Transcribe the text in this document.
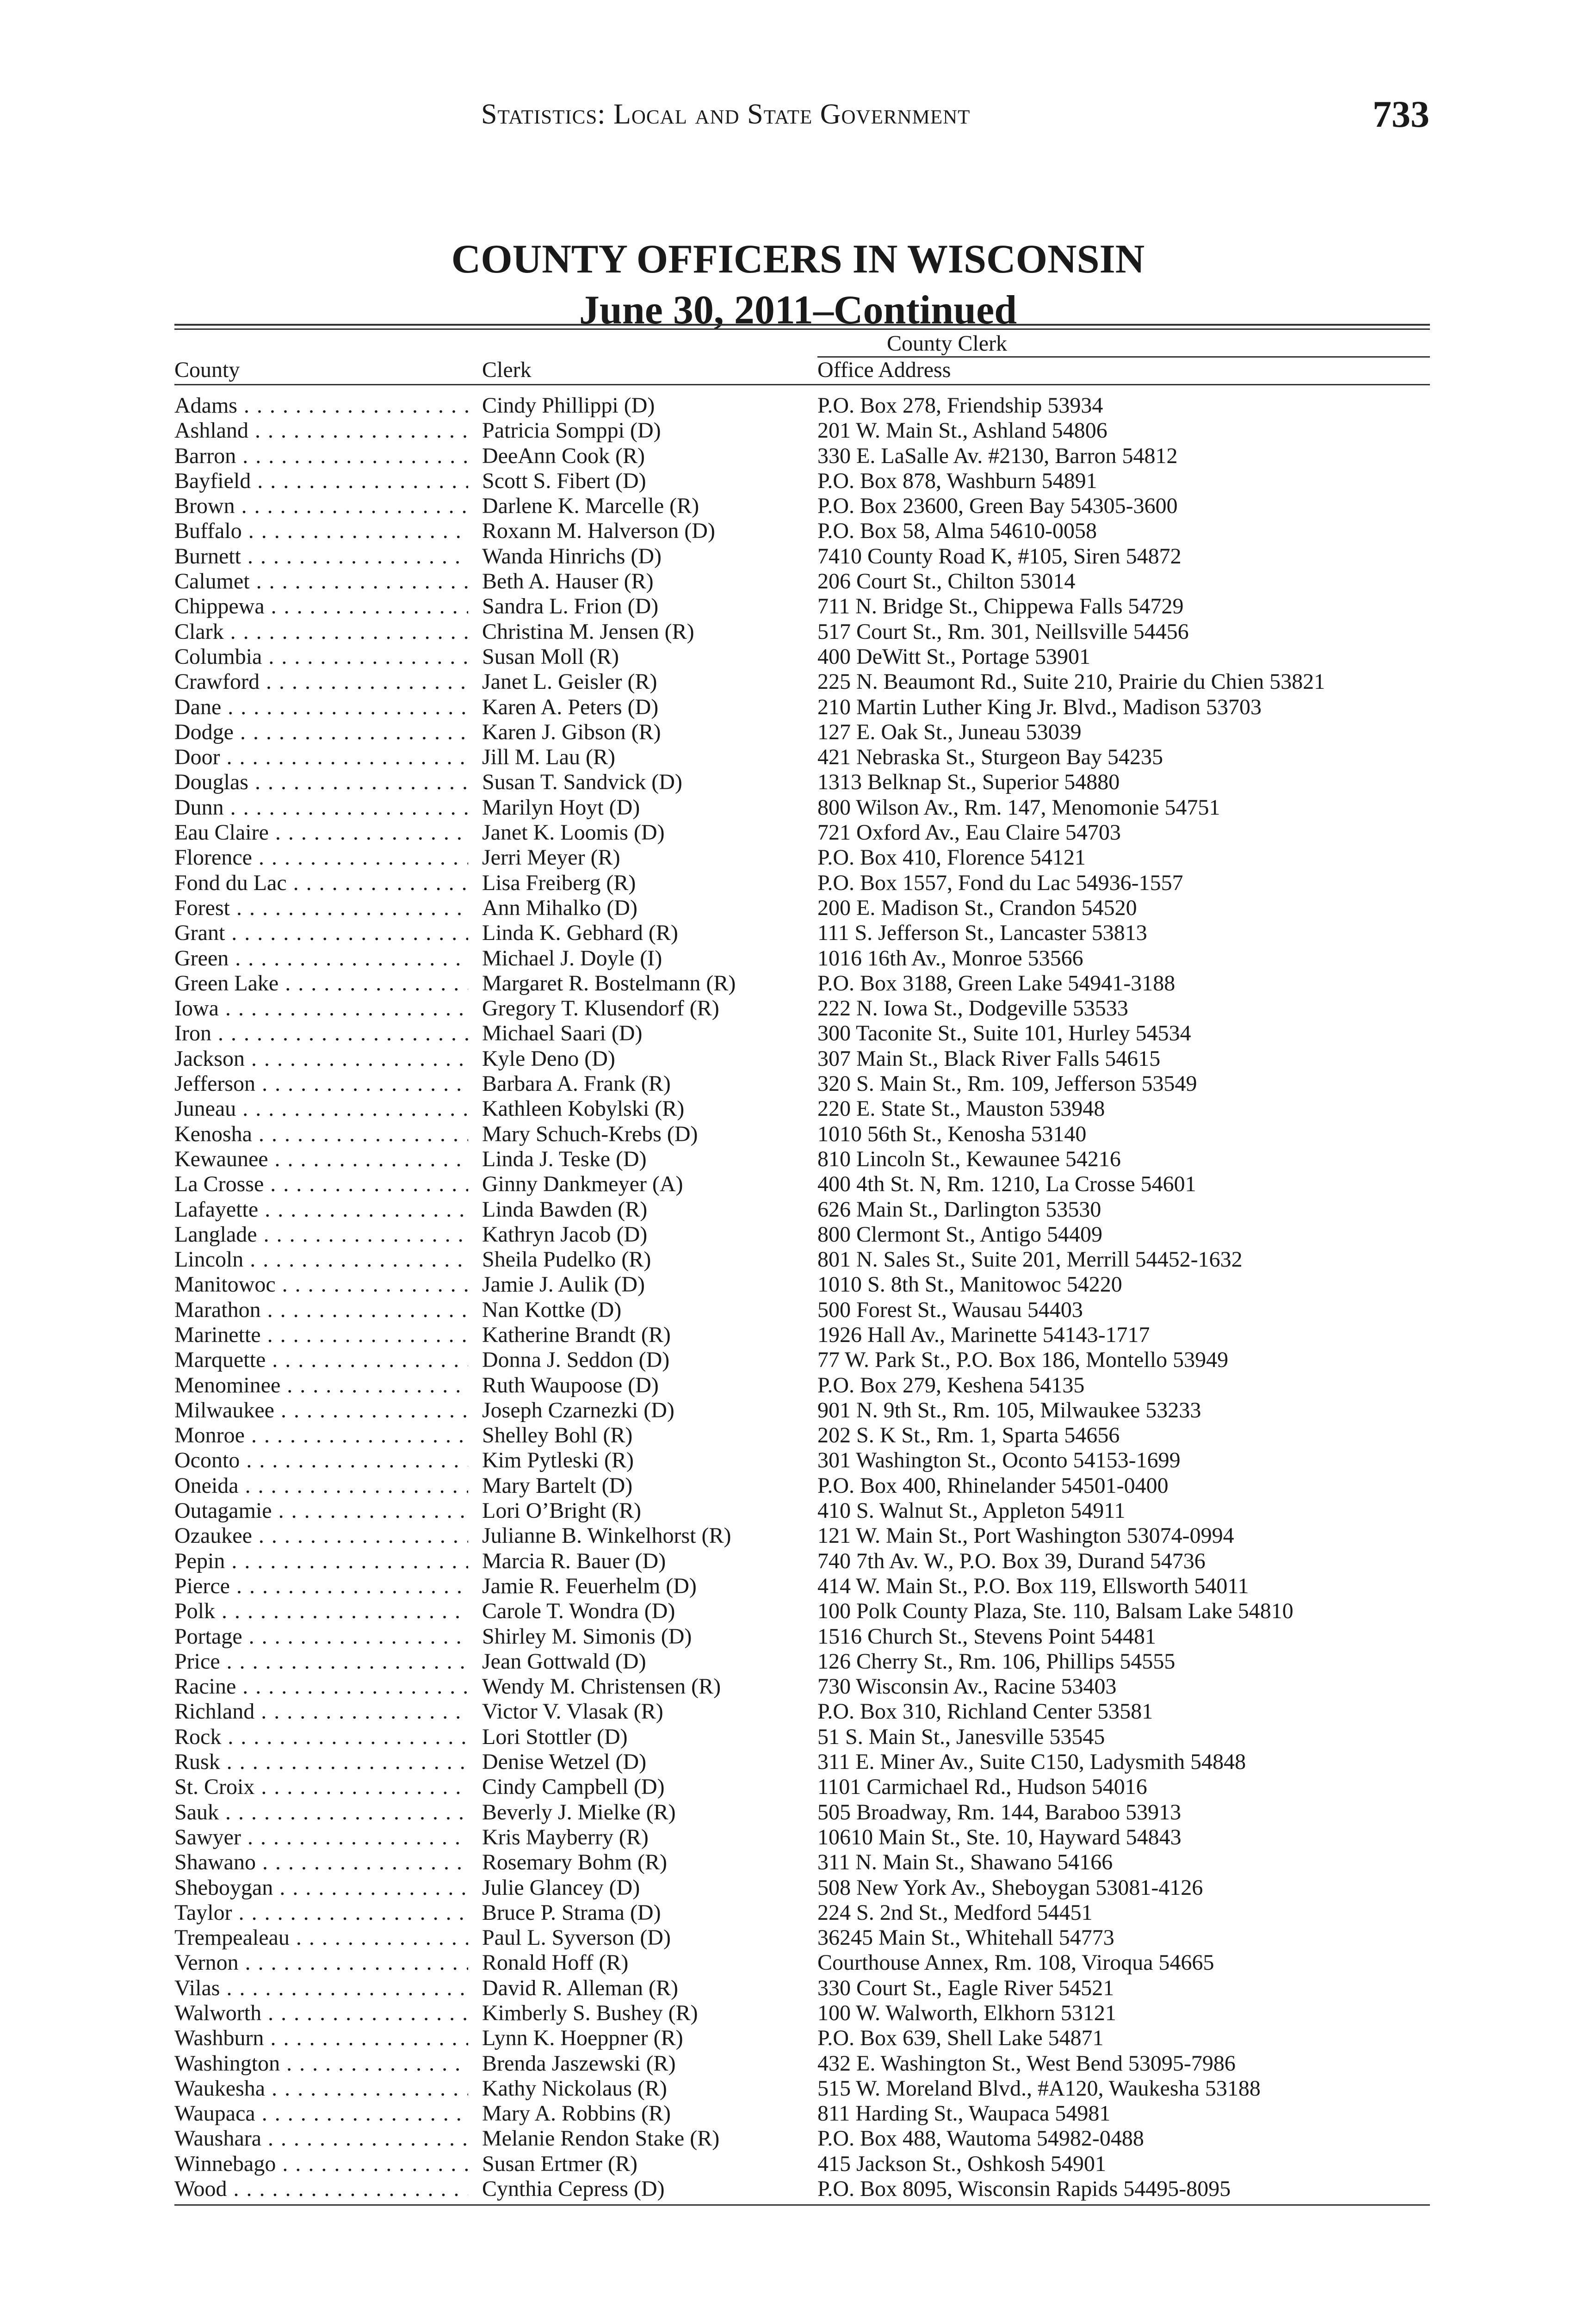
Statistics: Local and State Government	733
COUNTY OFFICERS IN WISCONSIN
June 30, 2011–Continued
County Clerk
County	Clerk	Office Address
Adams . . .	Cindy Phillippi (D)	P.O. Box 278, Friendship 53934
Ashland . . .	Patricia Somppi (D)	201 W. Main St., Ashland 54806
Barron . . .	DeeAnn Cook (R)	330 E. LaSalle Av. #2130, Barron 54812
Bayfield . . .	Scott S. Fibert (D)	P.O. Box 878, Washburn 54891
Brown . . .	Darlene K. Marcelle (R)	P.O. Box 23600, Green Bay 54305-3600
Buffalo . . .	Roxann M. Halverson (D)	P.O. Box 58, Alma 54610-0058
Burnett . . .	Wanda Hinrichs (D)	7410 County Road K, #105, Siren 54872
Calumet . . .	Beth A. Hauser (R)	206 Court St., Chilton 53014
Chippewa . . .	Sandra L. Frion (D)	711 N. Bridge St., Chippewa Falls 54729
Clark . . .	Christina M. Jensen (R)	517 Court St., Rm. 301, Neillsville 54456
Columbia . . .	Susan Moll (R)	400 DeWitt St., Portage 53901
Crawford . . .	Janet L. Geisler (R)	225 N. Beaumont Rd., Suite 210, Prairie du Chien 53821
Dane . . .	Karen A. Peters (D)	210 Martin Luther King Jr. Blvd., Madison 53703
Dodge . . .	Karen J. Gibson (R)	127 E. Oak St., Juneau 53039
Door . . .	Jill M. Lau (R)	421 Nebraska St., Sturgeon Bay 54235
Douglas . . .	Susan T. Sandvick (D)	1313 Belknap St., Superior 54880
Dunn . . .	Marilyn Hoyt (D)	800 Wilson Av., Rm. 147, Menomonie 54751
Eau Claire . . .	Janet K. Loomis (D)	721 Oxford Av., Eau Claire 54703
Florence . . .	Jerri Meyer (R)	P.O. Box 410, Florence 54121
Fond du Lac . . .	Lisa Freiberg (R)	P.O. Box 1557, Fond du Lac 54936-1557
Forest . . .	Ann Mihalko (D)	200 E. Madison St., Crandon 54520
Grant . . .	Linda K. Gebhard (R)	111 S. Jefferson St., Lancaster 53813
Green . . .	Michael J. Doyle (I)	1016 16th Av., Monroe 53566
Green Lake . . .	Margaret R. Bostelmann (R)	P.O. Box 3188, Green Lake 54941-3188
Iowa . . .	Gregory T. Klusendorf (R)	222 N. Iowa St., Dodgeville 53533
Iron . . .	Michael Saari (D)	300 Taconite St., Suite 101, Hurley 54534
Jackson . . .	Kyle Deno (D)	307 Main St., Black River Falls 54615
Jefferson . . .	Barbara A. Frank (R)	320 S. Main St., Rm. 109, Jefferson 53549
Juneau . . .	Kathleen Kobylski (R)	220 E. State St., Mauston 53948
Kenosha . . .	Mary Schuch-Krebs (D)	1010 56th St., Kenosha 53140
Kewaunee . . .	Linda J. Teske (D)	810 Lincoln St., Kewaunee 54216
La Crosse . . .	Ginny Dankmeyer (A)	400 4th St. N, Rm. 1210, La Crosse 54601
Lafayette . . .	Linda Bawden (R)	626 Main St., Darlington 53530
Langlade . . .	Kathryn Jacob (D)	800 Clermont St., Antigo 54409
Lincoln . . .	Sheila Pudelko (R)	801 N. Sales St., Suite 201, Merrill 54452-1632
Manitowoc . . .	Jamie J. Aulik (D)	1010 S. 8th St., Manitowoc 54220
Marathon . . .	Nan Kottke (D)	500 Forest St., Wausau 54403
Marinette . . .	Katherine Brandt (R)	1926 Hall Av., Marinette 54143-1717
Marquette . . .	Donna J. Seddon (D)	77 W. Park St., P.O. Box 186, Montello 53949
Menominee . . .	Ruth Waupoose (D)	P.O. Box 279, Keshena 54135
Milwaukee . . .	Joseph Czarnezki (D)	901 N. 9th St., Rm. 105, Milwaukee 53233
Monroe . . .	Shelley Bohl (R)	202 S. K St., Rm. 1, Sparta 54656
Oconto . . .	Kim Pytleski (R)	301 Washington St., Oconto 54153-1699
Oneida . . .	Mary Bartelt (D)	P.O. Box 400, Rhinelander 54501-0400
Outagamie . . .	Lori O’Bright (R)	410 S. Walnut St., Appleton 54911
Ozaukee . . .	Julianne B. Winkelhorst (R)	121 W. Main St., Port Washington 53074-0994
Pepin . . .	Marcia R. Bauer (D)	740 7th Av. W., P.O. Box 39, Durand 54736
Pierce . . .	Jamie R. Feuerhelm (D)	414 W. Main St., P.O. Box 119, Ellsworth 54011
Polk . . .	Carole T. Wondra (D)	100 Polk County Plaza, Ste. 110, Balsam Lake 54810
Portage . . .	Shirley M. Simonis (D)	1516 Church St., Stevens Point 54481
Price . . .	Jean Gottwald (D)	126 Cherry St., Rm. 106, Phillips 54555
Racine . . .	Wendy M. Christensen (R)	730 Wisconsin Av., Racine 53403
Richland . . .	Victor V. Vlasak (R)	P.O. Box 310, Richland Center 53581
Rock . . .	Lori Stottler (D)	51 S. Main St., Janesville 53545
Rusk . . .	Denise Wetzel (D)	311 E. Miner Av., Suite C150, Ladysmith 54848
St. Croix . . .	Cindy Campbell (D)	1101 Carmichael Rd., Hudson 54016
Sauk . . .	Beverly J. Mielke (R)	505 Broadway, Rm. 144, Baraboo 53913
Sawyer . . .	Kris Mayberry (R)	10610 Main St., Ste. 10, Hayward 54843
Shawano . . .	Rosemary Bohm (R)	311 N. Main St., Shawano 54166
Sheboygan . . .	Julie Glancey (D)	508 New York Av., Sheboygan 53081-4126
Taylor . . .	Bruce P. Strama (D)	224 S. 2nd St., Medford 54451
Trempealeau . . .	Paul L. Syverson (D)	36245 Main St., Whitehall 54773
Vernon . . .	Ronald Hoff (R)	Courthouse Annex, Rm. 108, Viroqua 54665
Vilas . . .	David R. Alleman (R)	330 Court St., Eagle River 54521
Walworth . . .	Kimberly S. Bushey (R)	100 W. Walworth, Elkhorn 53121
Washburn . . .	Lynn K. Hoeppner (R)	P.O. Box 639, Shell Lake 54871
Washington . . .	Brenda Jaszewski (R)	432 E. Washington St., West Bend 53095-7986
Waukesha . . .	Kathy Nickolaus (R)	515 W. Moreland Blvd., #A120, Waukesha 53188
Waupaca . . .	Mary A. Robbins (R)	811 Harding St., Waupaca 54981
Waushara . . .	Melanie Rendon Stake (R)	P.O. Box 488, Wautoma 54982-0488
Winnebago . . .	Susan Ertmer (R)	415 Jackson St., Oshkosh 54901
Wood . . .	Cynthia Cepress (D)	P.O. Box 8095, Wisconsin Rapids 54495-8095
